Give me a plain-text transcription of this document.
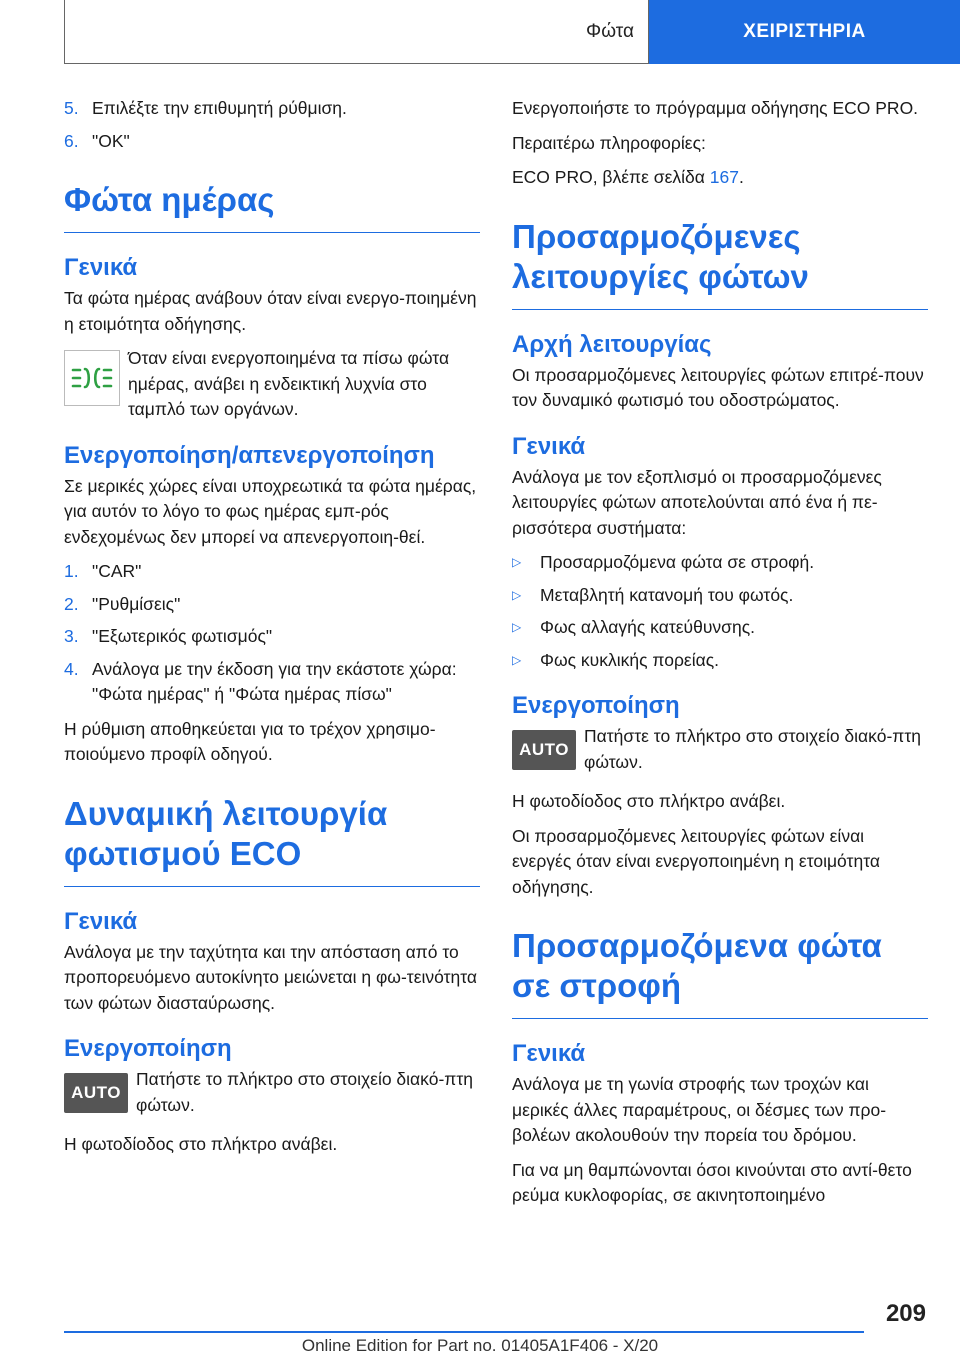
Φώτα	ΧΕΙΡΙΣΤΗΡΙΑ
5. Επιλέξτε την επιθυμητή ρύθμιση.
6. "OK"
Φώτα ημέρας
Γενικά

Τα φώτα ημέρας ανάβουν όταν είναι ενεργο‐ποιημένη η ετοιμότητα οδήγησης.

Όταν είναι ενεργοποιημένα τα πίσω φώτα ημέρας, ανάβει η ενδεικτική λυχνία στο ταμπλό των οργάνων.
Ενεργοποίηση/απενεργοποίηση

Σε μερικές χώρες είναι υποχρεωτικά τα φώτα ημέρας, για αυτόν το λόγο το φως ημέρας εμπ‐ρός ενδεχομένως δεν μπορεί να απενεργοποιη‐θεί.

1. "CAR"
2. "Ρυθμίσεις"
3. "Εξωτερικός φωτισμός"
4. Ανάλογα με την έκδοση για την εκάστοτε χώρα: "Φώτα ημέρας" ή "Φώτα ημέρας πίσω"

Η ρύθμιση αποθηκεύεται για το τρέχον χρησιμο‐ποιούμενο προφίλ οδηγού.

Δυναμική λειτουργία φωτισμού ECO
Γενικά

Ανάλογα με την ταχύτητα και την απόσταση από το προπορευόμενο αυτοκίνητο μειώνεται η φω‐τεινότητα των φώτων διασταύρωσης.

Ενεργοποίηση
AUTO
Πατήστε το πλήκτρο στο στοιχείο διακό‐πτη φώτων.

Η φωτοδίοδος στο πλήκτρο ανάβει.

Ενεργοποιήστε το πρόγραμμα οδήγησης ECO PRO.

Περαιτέρω πληροφορίες:

ECO PRO, βλέπε σελίδα 167.

Προσαρμοζόμενες λειτουργίες φώτων
Αρχή λειτουργίας

Οι προσαρμοζόμενες λειτουργίες φώτων επιτρέ‐πουν τον δυναμικό φωτισμό του οδοστρώματος.

Γενικά

Ανάλογα με τον εξοπλισμό οι προσαρμοζόμενες λειτουργίες φώτων αποτελούνται από ένα ή πε‐ρισσότερα συστήματα:

▷	Προσαρμοζόμενα φώτα σε στροφή.
▷	Μεταβλητή κατανομή του φωτός.
▷	Φως αλλαγής κατεύθυνσης.
▷	Φως κυκλικής πορείας.
Ενεργοποίηση
AUTO
Πατήστε το πλήκτρο στο στοιχείο διακό‐πτη φώτων.

Η φωτοδίοδος στο πλήκτρο ανάβει.

Οι προσαρμοζόμενες λειτουργίες φώτων είναι ενεργές όταν είναι ενεργοποιημένη η ετοιμότητα οδήγησης.

Προσαρμοζόμενα φώτα σε στροφή
Γενικά

Ανάλογα με τη γωνία στροφής των τροχών και μερικές άλλες παραμέτρους, οι δέσμες των προ‐βολέων ακολουθούν την πορεία του δρόμου.

Για να μη θαμπώνονται όσοι κινούνται στο αντί‐θετο ρεύμα κυκλοφορίας, σε ακινητοποιημένο

209
Online Edition for Part no. 01405A1F406 - X/20
